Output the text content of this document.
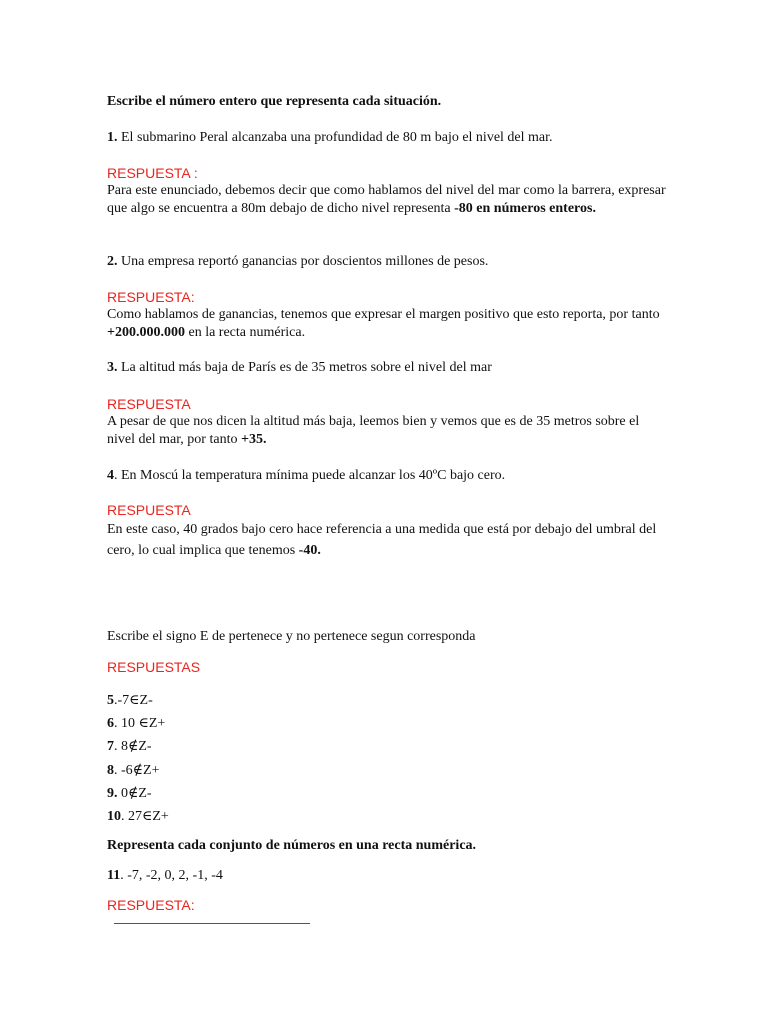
Escribe el número entero que representa cada situación.
1. El submarino Peral alcanzaba una profundidad de 80 m bajo el nivel del mar.
RESPUESTA :
Para este enunciado, debemos decir que como hablamos del nivel del mar como la barrera, expresar que algo se encuentra a 80m debajo de dicho nivel representa -80 en números enteros.
2. Una empresa reportó ganancias por doscientos millones de pesos.
RESPUESTA:
Como hablamos de ganancias, tenemos que expresar el margen positivo que esto reporta, por tanto +200.000.000 en la recta numérica.
3. La altitud más baja de París es de 35 metros sobre el nivel del mar
RESPUESTA
A pesar de que nos dicen la altitud más baja, leemos bien y vemos que es de 35 metros sobre el nivel del mar, por tanto +35.
4. En Moscú la temperatura mínima puede alcanzar los 40ºC bajo cero.
RESPUESTA
En este caso, 40 grados bajo cero hace referencia a una medida que está por debajo del umbral del cero, lo cual implica que tenemos -40.
Escribe el signo E de pertenece y no pertenece segun corresponda
RESPUESTAS
5.-7∈Z-
6. 10 ∈Z+
7. 8∉Z-
8. -6∉Z+
9. 0∉Z-
10. 27∈Z+
Representa cada conjunto de números en una recta numérica.
11. -7, -2, 0, 2, -1, -4
RESPUESTA:
